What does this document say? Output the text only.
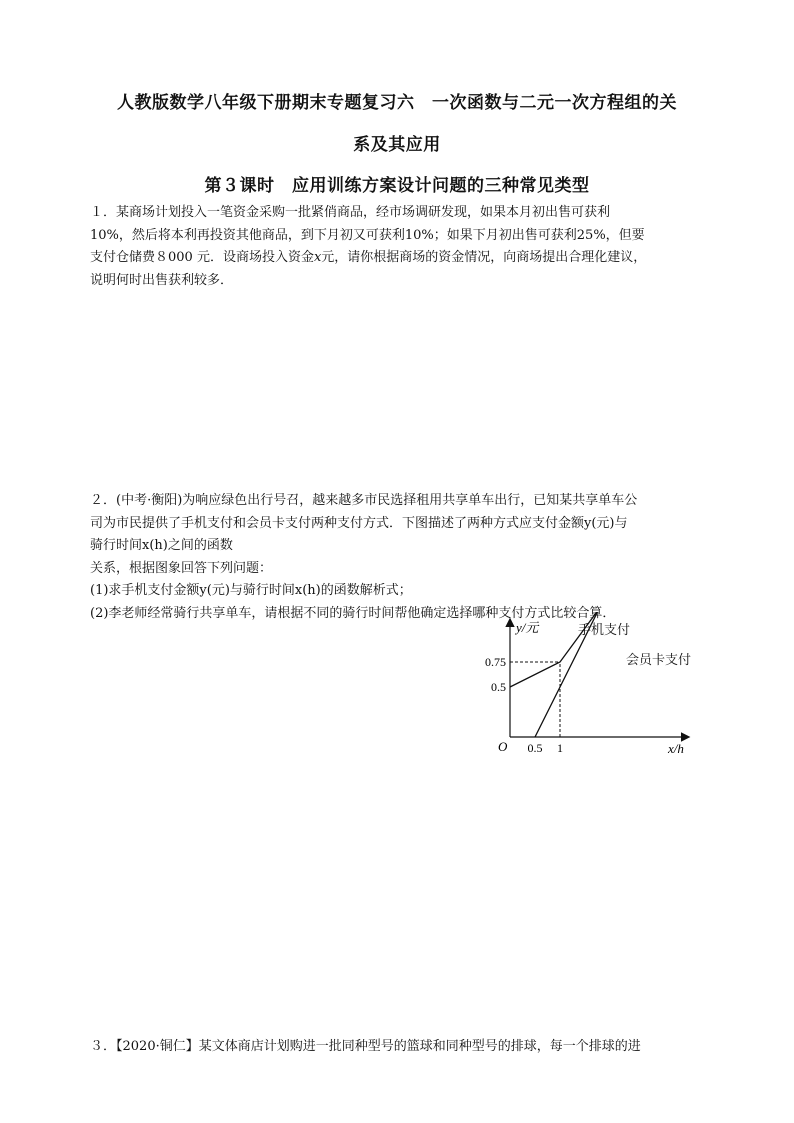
人教版数学八年级下册期末专题复习六　一次函数与二元一次方程组的关
系及其应用
第３课时　应用训练方案设计问题的三种常见类型

１．某商场计划投入一笔资金采购一批紧俏商品，经市场调研发现，如果本月初出售可获利

10%，然后将本利再投资其他商品，到下月初又可获利10%；如果下月初出售可获利25%，但要

支付仓储费８000 元．设商场投入资金x元，请你根据商场的资金情况，向商场提出合理化建议，

说明何时出售获利较多．

２．(中考·衡阳)为响应绿色出行号召，越来越多市民选择租用共享单车出行，已知某共享单车公

司为市民提供了手机支付和会员卡支付两种支付方式．下图描述了两种方式应支付金额y(元)与

骑行时间x(h)之间的函数

关系，根据图象回答下列问题：

(1)求手机支付金额y(元)与骑行时间x(h)的函数解析式；

(2)李老师经常骑行共享单车，请根据不同的骑行时间帮他确定选择哪种支付方式比较合算．

手机支付
会员卡支付
0.5 1
0.5
0.75
O	x/h
y/元

３．【2020·铜仁】某文体商店计划购进一批同种型号的篮球和同种型号的排球，每一个排球的进
